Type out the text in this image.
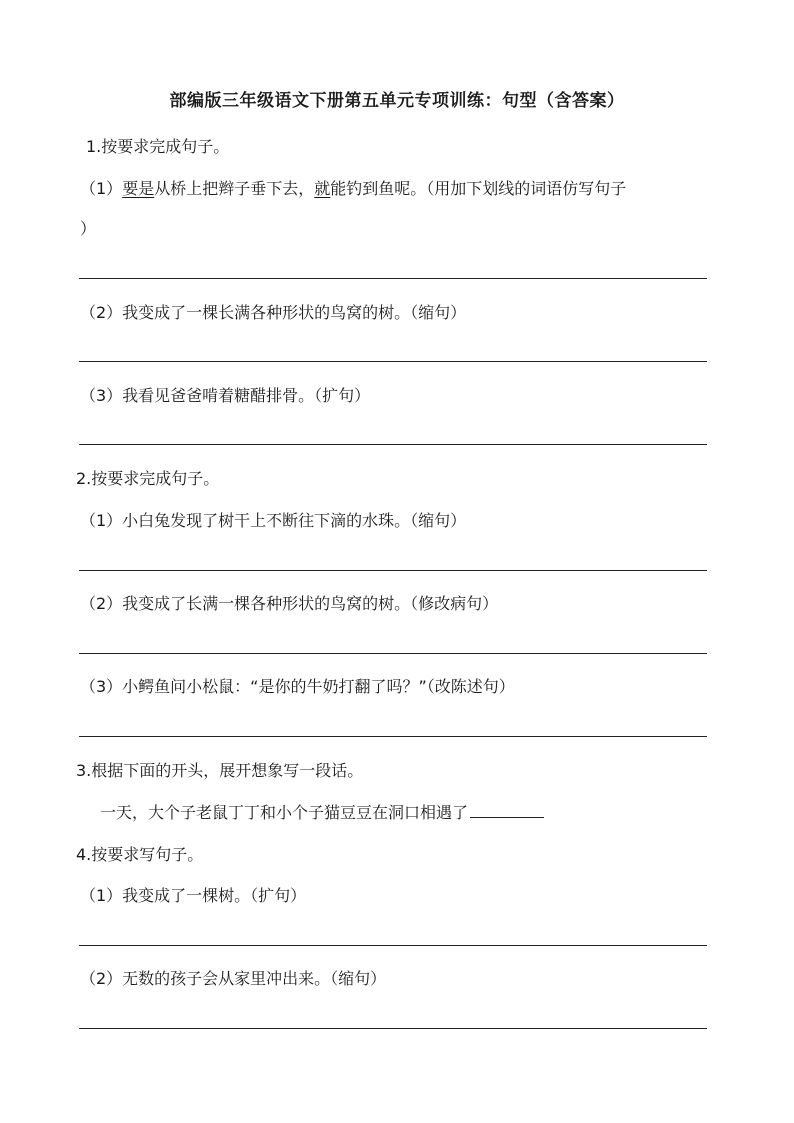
部编版三年级语文下册第五单元专项训练：句型（含答案）
1.按要求完成句子。
（1）要是从桥上把辫子垂下去，就能钓到鱼呢。（用加下划线的词语仿写句子
）
（2）我变成了一棵长满各种形状的鸟窝的树。（缩句）
（3）我看见爸爸啃着糖醋排骨。（扩句）
2.按要求完成句子。
（1）小白兔发现了树干上不断往下滴的水珠。（缩句）
（2）我变成了长满一棵各种形状的鸟窝的树。（修改病句）
（3）小鳄鱼问小松鼠：“是你的牛奶打翻了吗？”（改陈述句）
3.根据下面的开头，展开想象写一段话。
一天，大个子老鼠丁丁和小个子猫豆豆在洞口相遇了
4.按要求写句子。
（1）我变成了一棵树。（扩句）
（2）无数的孩子会从家里冲出来。（缩句）
